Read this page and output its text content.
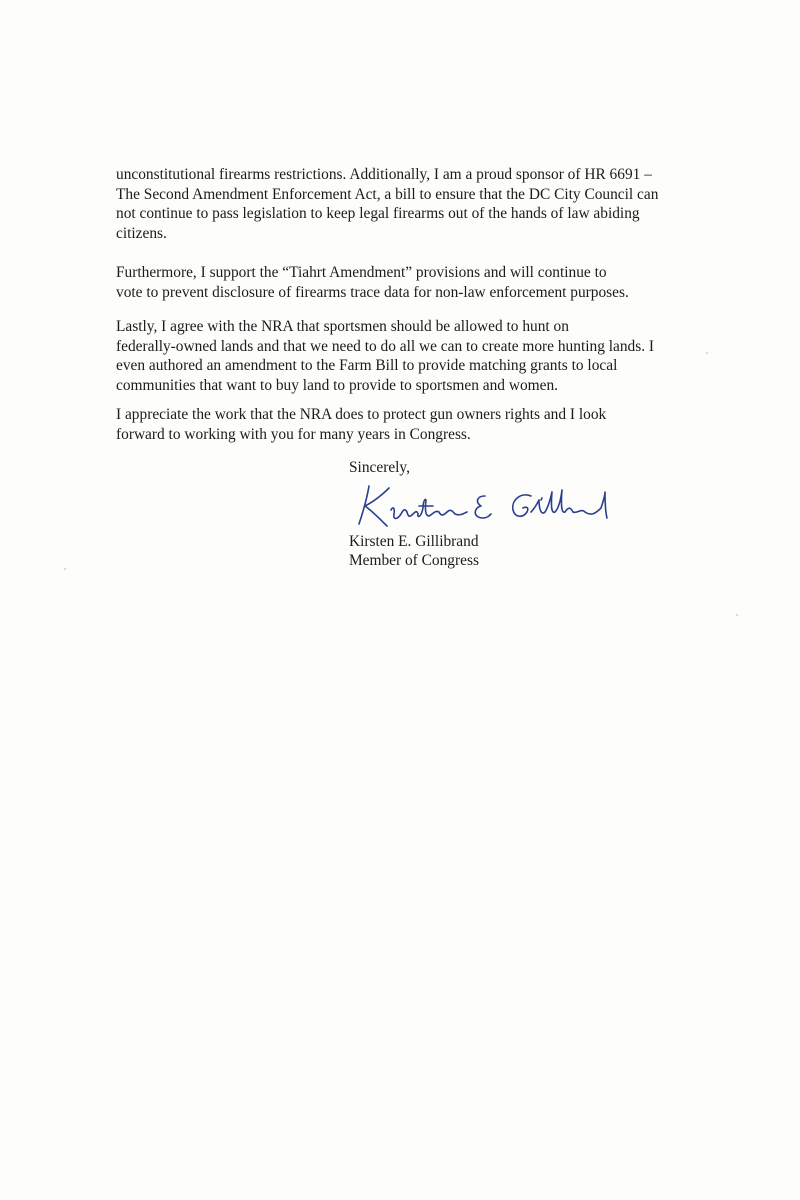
unconstitutional firearms restrictions. Additionally, I am a proud sponsor of HR 6691 –
The Second Amendment Enforcement Act, a bill to ensure that the DC City Council can
not continue to pass legislation to keep legal firearms out of the hands of law abiding
citizens.

Furthermore, I support the “Tiahrt Amendment” provisions and will continue to
vote to prevent disclosure of firearms trace data for non-law enforcement purposes.

Lastly, I agree with the NRA that sportsmen should be allowed to hunt on
federally-owned lands and that we need to do all we can to create more hunting lands. I
even authored an amendment to the Farm Bill to provide matching grants to local
communities that want to buy land to provide to sportsmen and women.

I appreciate the work that the NRA does to protect gun owners rights and I look
forward to working with you for many years in Congress.

Sincerely,
Kirsten E. Gillibrand
Member of Congress
